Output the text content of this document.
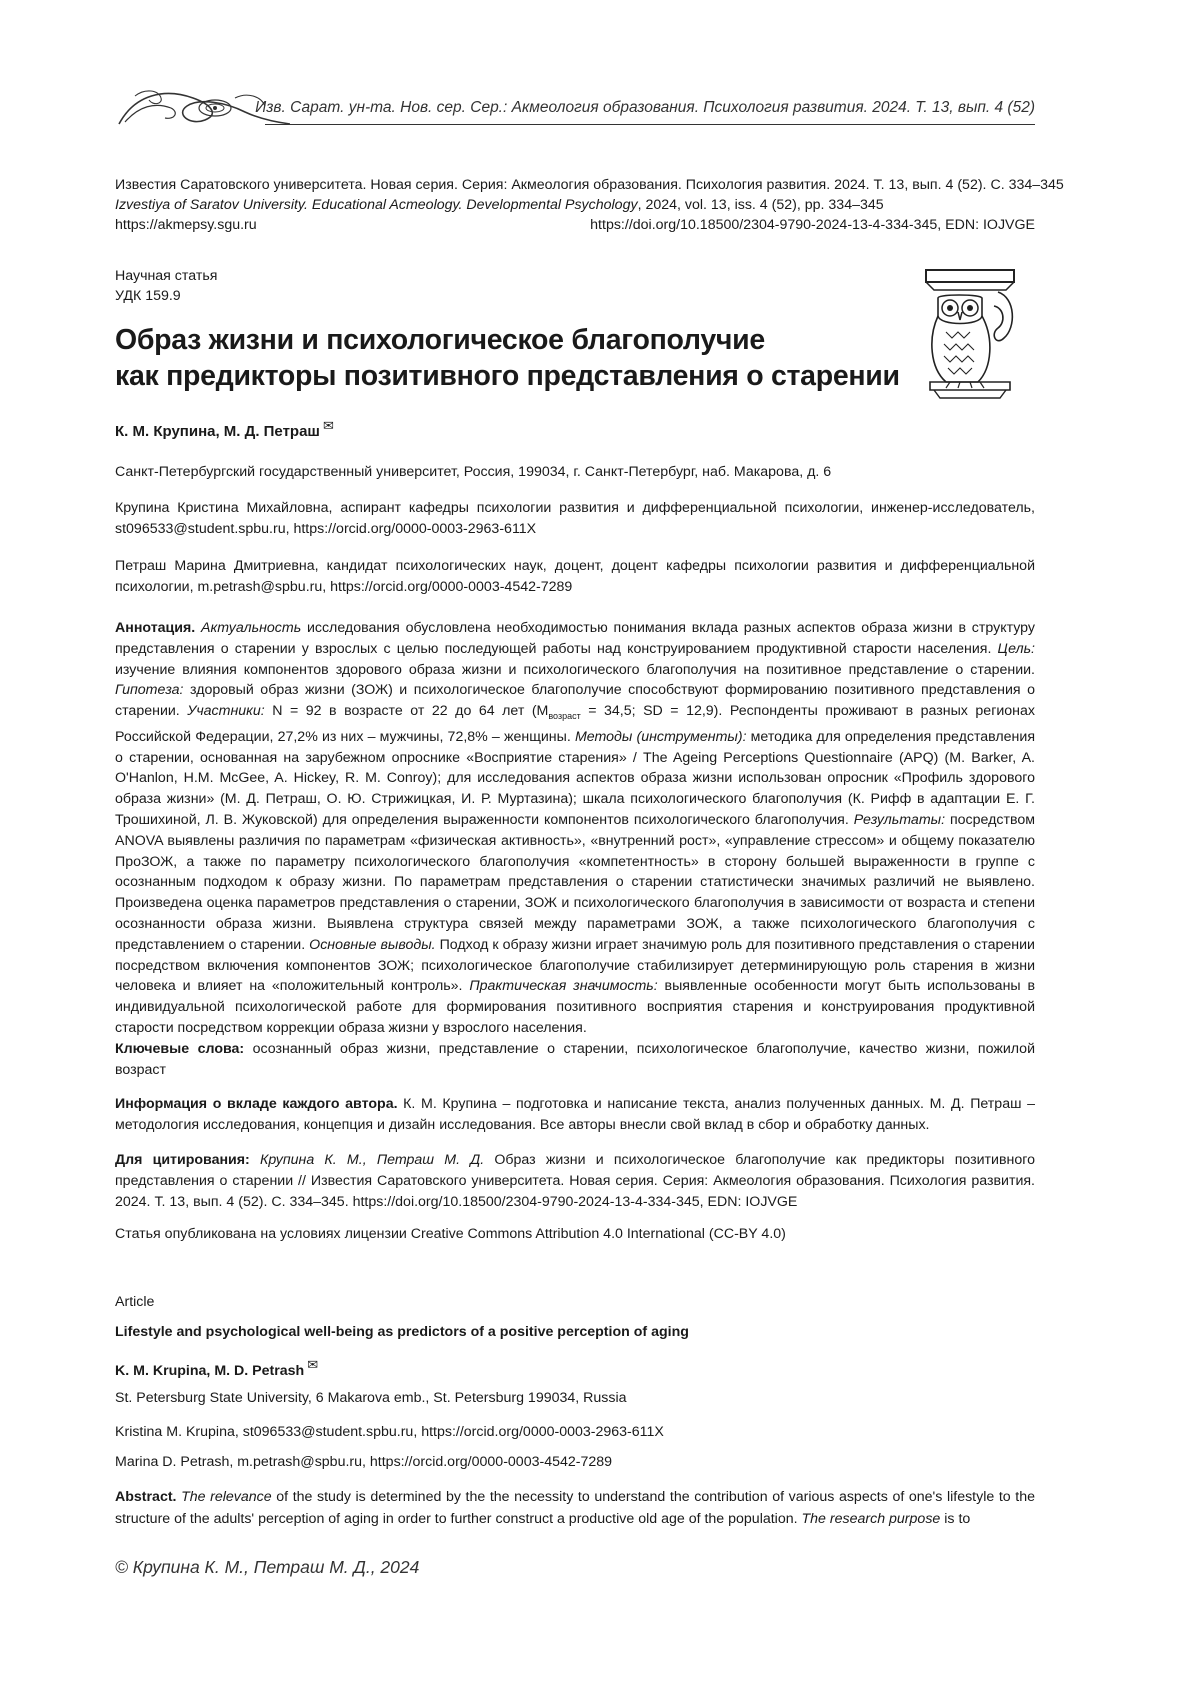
Изв. Сарат. ун-та. Нов. сер. Сер.: Акмеология образования. Психология развития. 2024. Т. 13, вып. 4 (52)
Известия Саратовского университета. Новая серия. Серия: Акмеология образования. Психология развития. 2024. Т. 13, вып. 4 (52). С. 334–345
Izvestiya of Saratov University. Educational Acmeology. Developmental Psychology, 2024, vol. 13, iss. 4 (52), pp. 334–345
https://akmepsy.sgu.ru	https://doi.org/10.18500/2304-9790-2024-13-4-334-345, EDN: IOJVGE
Научная статья
УДК 159.9
Образ жизни и психологическое благополучие
как предикторы позитивного представления о старении
К. М. Крупина, М. Д. Петраш ✉
Санкт-Петербургский государственный университет, Россия, 199034, г. Санкт-Петербург, наб. Макарова, д. 6
Крупина Кристина Михайловна, аспирант кафедры психологии развития и дифференциальной психологии, инженер-исследователь, st096533@student.spbu.ru, https://orcid.org/0000-0003-2963-611X
Петраш Марина Дмитриевна, кандидат психологических наук, доцент, доцент кафедры психологии развития и дифференциальной психологии, m.petrash@spbu.ru, https://orcid.org/0000-0003-4542-7289

Аннотация. Актуальность исследования обусловлена необходимостью понимания вклада разных аспектов образа жизни в структуру представления о старении у взрослых с целью последующей работы над конструированием продуктивной старости населения. Цель: изучение влияния компонентов здорового образа жизни и психологического благополучия на позитивное представление о старении. Гипотеза: здоровый образ жизни (ЗОЖ) и психологическое благополучие способствуют формированию позитивного представления о старении. Участники: N = 92 в возрасте от 22 до 64 лет (Mвозраст = 34,5; SD = 12,9). Респонденты проживают в разных регионах Российской Федерации, 27,2% из них – мужчины, 72,8% – женщины. Методы (инструменты): методика для определения представления о старении, основанная на зарубежном опроснике «Восприятие старения» / The Ageing Perceptions Questionnaire (APQ) (M. Barker, A. O'Hanlon, H.M. McGee, A. Hickey, R. M. Conroy); для исследования аспектов образа жизни использован опросник «Профиль здорового образа жизни» (М. Д. Петраш, О. Ю. Стрижицкая, И. Р. Муртазина); шкала психологического благополучия (К. Рифф в адаптации Е. Г. Трошихиной, Л. В. Жуковской) для определения выраженности компонентов психологического благополучия. Результаты: посредством ANOVA выявлены различия по параметрам «физическая активность», «внутренний рост», «управление стрессом» и общему показателю ПроЗОЖ, а также по параметру психологического благополучия «компетентность» в сторону большей выраженности в группе с осознанным подходом к образу жизни. По параметрам представления о старении статистически значимых различий не выявлено. Произведена оценка параметров представления о старении, ЗОЖ и психологического благополучия в зависимости от возраста и степени осознанности образа жизни. Выявлена структура связей между параметрами ЗОЖ, а также психологического благополучия с представлением о старении. Основные выводы. Подход к образу жизни играет значимую роль для позитивного представления о старении посредством включения компонентов ЗОЖ; психологическое благополучие стабилизирует детерминирующую роль старения в жизни человека и влияет на «положительный контроль». Практическая значимость: выявленные особенности могут быть использованы в индивидуальной психологической работе для формирования позитивного восприятия старения и конструирования продуктивной старости посредством коррекции образа жизни у взрослого населения.

Ключевые слова: осознанный образ жизни, представление о старении, психологическое благополучие, качество жизни, пожилой возраст

Информация о вкладе каждого автора. К. М. Крупина – подготовка и написание текста, анализ полученных данных. М. Д. Петраш – методология исследования, концепция и дизайн исследования. Все авторы внесли свой вклад в сбор и обработку данных.

Для цитирования: Крупина К. М., Петраш М. Д. Образ жизни и психологическое благополучие как предикторы позитивного представления о старении // Известия Саратовского университета. Новая серия. Серия: Акмеология образования. Психология развития. 2024. Т. 13, вып. 4 (52). С. 334–345. https://doi.org/10.18500/2304-9790-2024-13-4-334-345, EDN: IOJVGE

Статья опубликована на условиях лицензии Creative Commons Attribution 4.0 International (CC-BY 4.0)

Article
Lifestyle and psychological well-being as predictors of a positive perception of aging
K. M. Krupina, M. D. Petrash ✉
St. Petersburg State University, 6 Makarova emb., St. Petersburg 199034, Russia
Kristina M. Krupina, st096533@student.spbu.ru, https://orcid.org/0000-0003-2963-611X
Marina D. Petrash, m.petrash@spbu.ru, https://orcid.org/0000-0003-4542-7289
Abstract. The relevance of the study is determined by the the necessity to understand the contribution of various aspects of one's lifestyle to the structure of the adults' perception of aging in order to further construct a productive old age of the population. The research purpose is to
© Крупина К. М., Петраш М. Д., 2024
